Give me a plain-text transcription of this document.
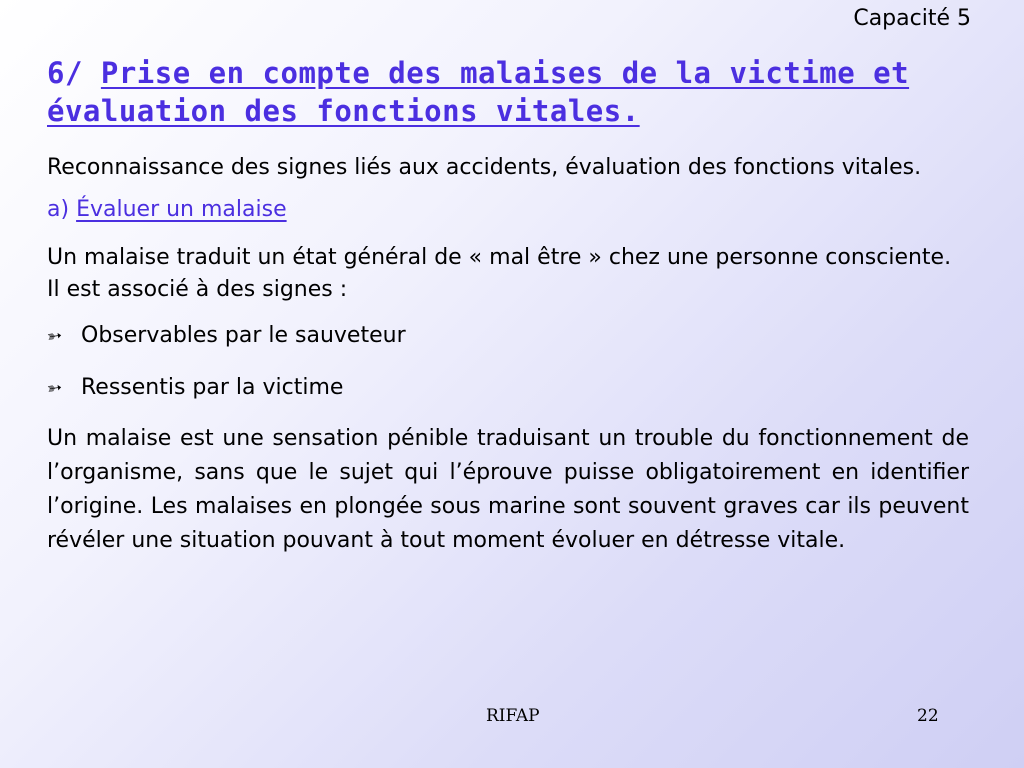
Capacité 5
6/ Prise en compte des malaises de la victime et évaluation des fonctions vitales.

Reconnaissance des signes liés aux accidents, évaluation des fonctions vitales.

a) Évaluer un malaise

Un malaise traduit un état général de « mal être » chez une personne consciente. Il est associé à des signes :

➳ Observables par le sauveteur
➳ Ressentis par la victime

Un malaise est une sensation pénible traduisant un trouble du fonctionnement de l’organisme, sans que le sujet qui l’éprouve puisse obligatoirement en identifier l’origine. Les malaises en plongée sous marine sont souvent graves car ils peuvent révéler une situation pouvant à tout moment évoluer en détresse vitale.

RIFAP	22
